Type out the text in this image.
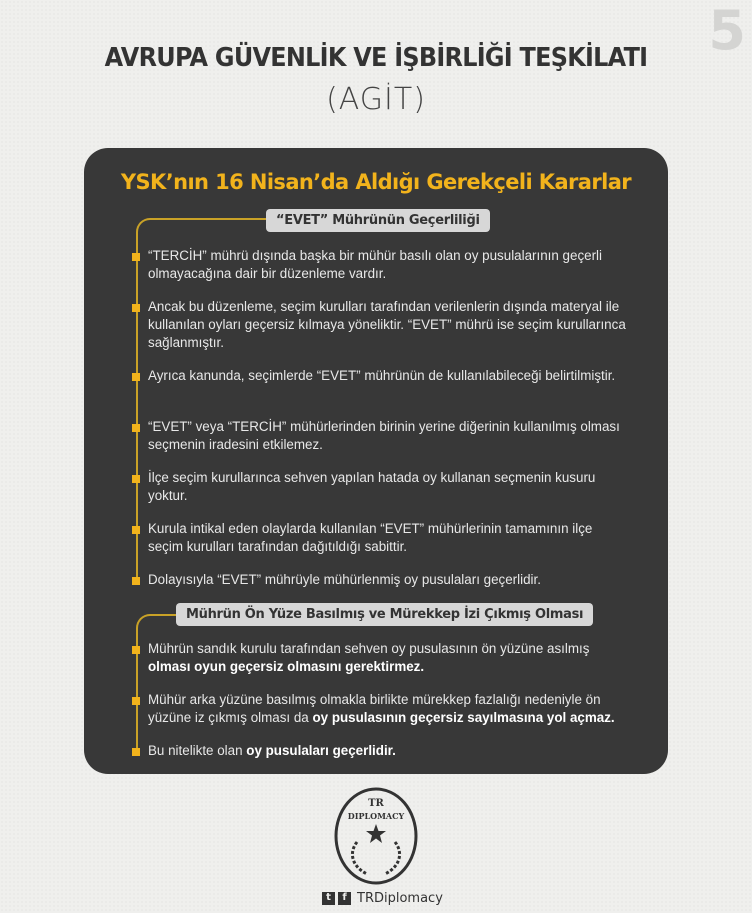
5
AVRUPA GÜVENLİK VE İŞBİRLİĞİ TEŞKİLATI
(AGİT)
YSK’nın 16 Nisan’da Aldığı Gerekçeli Kararlar
“EVET” Mührünün Geçerliliği
“TERCİH” mührü dışında başka bir mühür basılı olan oy pusulalarının geçerli olmayacağına dair bir düzenleme vardır.
Ancak bu düzenleme, seçim kurulları tarafından verilenlerin dışında materyal ile kullanılan oyları geçersiz kılmaya yöneliktir. “EVET” mührü ise seçim kurullarınca sağlanmıştır.
Ayrıca kanunda, seçimlerde “EVET” mührünün de kullanılabileceği belirtilmiştir.
“EVET” veya “TERCİH” mühürlerinden birinin yerine diğerinin kullanılmış olması seçmenin iradesini etkilemez.
İlçe seçim kurullarınca sehven yapılan hatada oy kullanan seçmenin kusuru yoktur.
Kurula intikal eden olaylarda kullanılan “EVET” mühürlerinin tamamının ilçe seçim kurulları tarafından dağıtıldığı sabittir.
Dolayısıyla “EVET” mührüyle mühürlenmiş oy pusulaları geçerlidir.
Mührün Ön Yüze Basılmış ve Mürekkep İzi Çıkmış Olması
Mührün sandık kurulu tarafından sehven oy pusulasının ön yüzüne asılmış olması oyun geçersiz olmasını gerektirmez.
Mühür arka yüzüne basılmış olmakla birlikte mürekkep fazlalığı nedeniyle ön yüzüne iz çıkmış olması da oy pusulasının geçersiz sayılmasına yol açmaz.
Bu nitelikte olan oy pusulaları geçerlidir.
TR
DIPLOMACY
t	f TRDiplomacy
